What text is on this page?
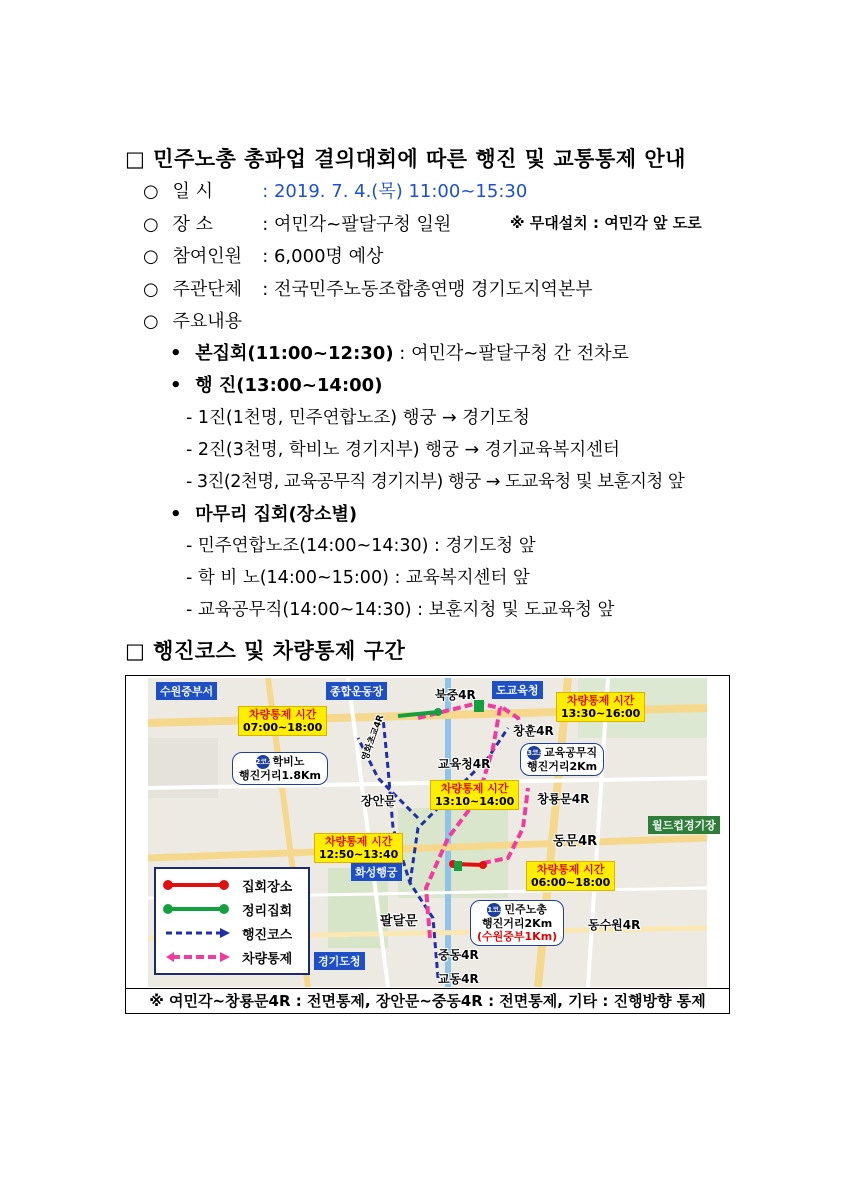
□ 민주노총 총파업 결의대회에 따른 행진 및 교통통제 안내
○ 일 시	: 2019. 7. 4.(목) 11:00~15:30
○ 장 소	: 여민각~팔달구청 일원	※ 무대설치 : 여민각 앞 도로
○ 참여인원 : 6,000명 예상
○ 주관단체 : 전국민주노동조합총연맹 경기도지역본부
○ 주요내용
• 본집회(11:00~12:30) : 여민각~팔달구청 간 전차로
• 행 진(13:00~14:00)
- 1진(1천명, 민주연합노조) 행궁 → 경기도청
- 2진(3천명, 학비노 경기지부) 행궁 → 경기교육복지센터
- 3진(2천명, 교육공무직 경기지부) 행궁 → 도교육청 및 보훈지청 앞
• 마무리 집회(장소별)
- 민주연합노조(14:00~14:30) : 경기도청 앞
- 학 비 노(14:00~15:00) : 교육복지센터 앞
- 교육공무직(14:00~14:30) : 보훈지청 및 도교육청 앞
□ 행진코스 및 차량통제 구간
수원중부서	종합운동장	북중4R	도교육청
창훈4R
영화초교4R
교육청4R
장안문	창룡문4R
동문4R
월드컵경기장
화성행궁
팔달문
중동4R
경기도청
교동4R
동수원4R
차량통제 시간
07:00~18:00
차량통제 시간
13:30~16:00
차량통제 시간
13:10~14:00
차량통제 시간
12:50~13:40
차량통제 시간
06:00~18:00
2코스학비노
행진거리1.8Km
3코스교육공무직
행진거리2Km
1코스민주노총
행진거리2Km
(수원중부1Km)
집회장소
정리집회
행진코스
차량통제
※ 여민각~창룡문4R : 전면통제, 장안문~중동4R : 전면통제, 기타 : 진행방향 통제
